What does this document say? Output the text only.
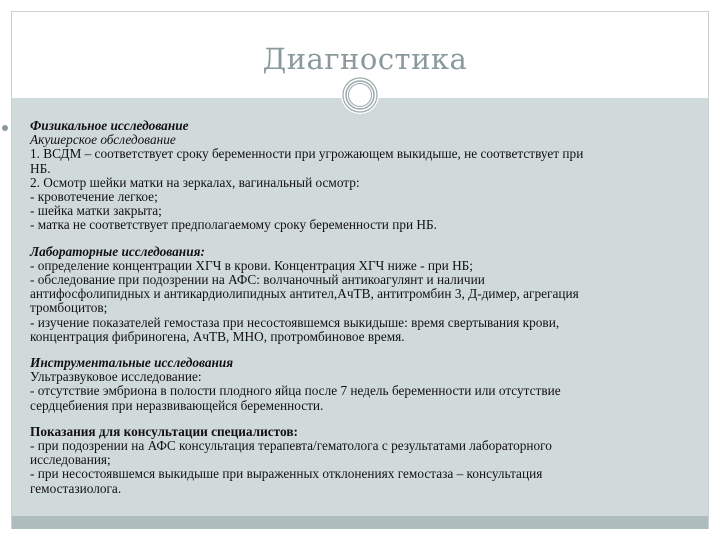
Диагностика

Физикальное исследование

Акушерское обследование

1. ВСДМ – соответствует сроку беременности при угрожающем выкидыше, не соответствует при

НБ.

2. Осмотр шейки матки на зеркалах, вагинальный осмотр:

- кровотечение легкое;

- шейка матки закрыта;

- матка не соответствует предполагаемому сроку беременности при НБ.

Лабораторные исследования:

- определение концентрации ХГЧ в крови. Концентрация ХГЧ ниже - при НБ;

- обследование при подозрении на АФС: волчаночный антикоагулянт и наличии

антифосфолипидных и антикардиолипидных антител,АчТВ, антитромбин 3, Д-димер, агрегация

тромбоцитов;

- изучение показателей гемостаза при несостоявшемся выкидыше: время свертывания крови,

концентрация фибриногена, АчТВ, МНО, протромбиновое время.

Инструментальные исследования

Ультразвуковое исследование:

- отсутствие эмбриона в полости плодного яйца после 7 недель беременности или отсутствие

сердцебиения при неразвивающейся беременности.

Показания для консультации специалистов:

- при подозрении на АФС консультация терапевта/гематолога с результатами лабораторного

исследования;

- при несостоявшемся выкидыше при выраженных отклонениях гемостаза – консультация

гемостазиолога.
